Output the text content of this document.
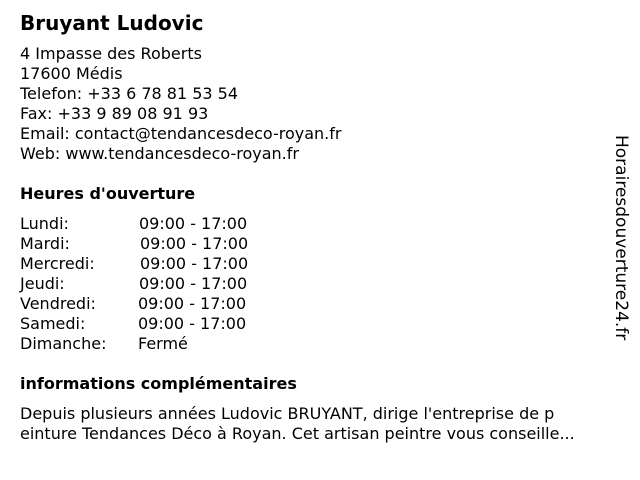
Bruyant Ludovic
4 Impasse des Roberts
17600 Médis
Telefon: +33 6 78 81 53 54
Fax: +33 9 89 08 91 93
Email: contact@tendancesdeco-royan.fr
Web: www.tendancesdeco-royan.fr
Heures d'ouverture
Lundi:	09:00 - 17:00
Mardi:	09:00 - 17:00
Mercredi:	09:00 - 17:00
Jeudi:	09:00 - 17:00
Vendredi:	09:00 - 17:00
Samedi:	09:00 - 17:00
Dimanche: Fermé
informations complémentaires
Depuis plusieurs années Ludovic BRUYANT, dirige l'entreprise de p
einture Tendances Déco à Royan. Cet artisan peintre vous conseille...
Horairesdouverture24.fr
